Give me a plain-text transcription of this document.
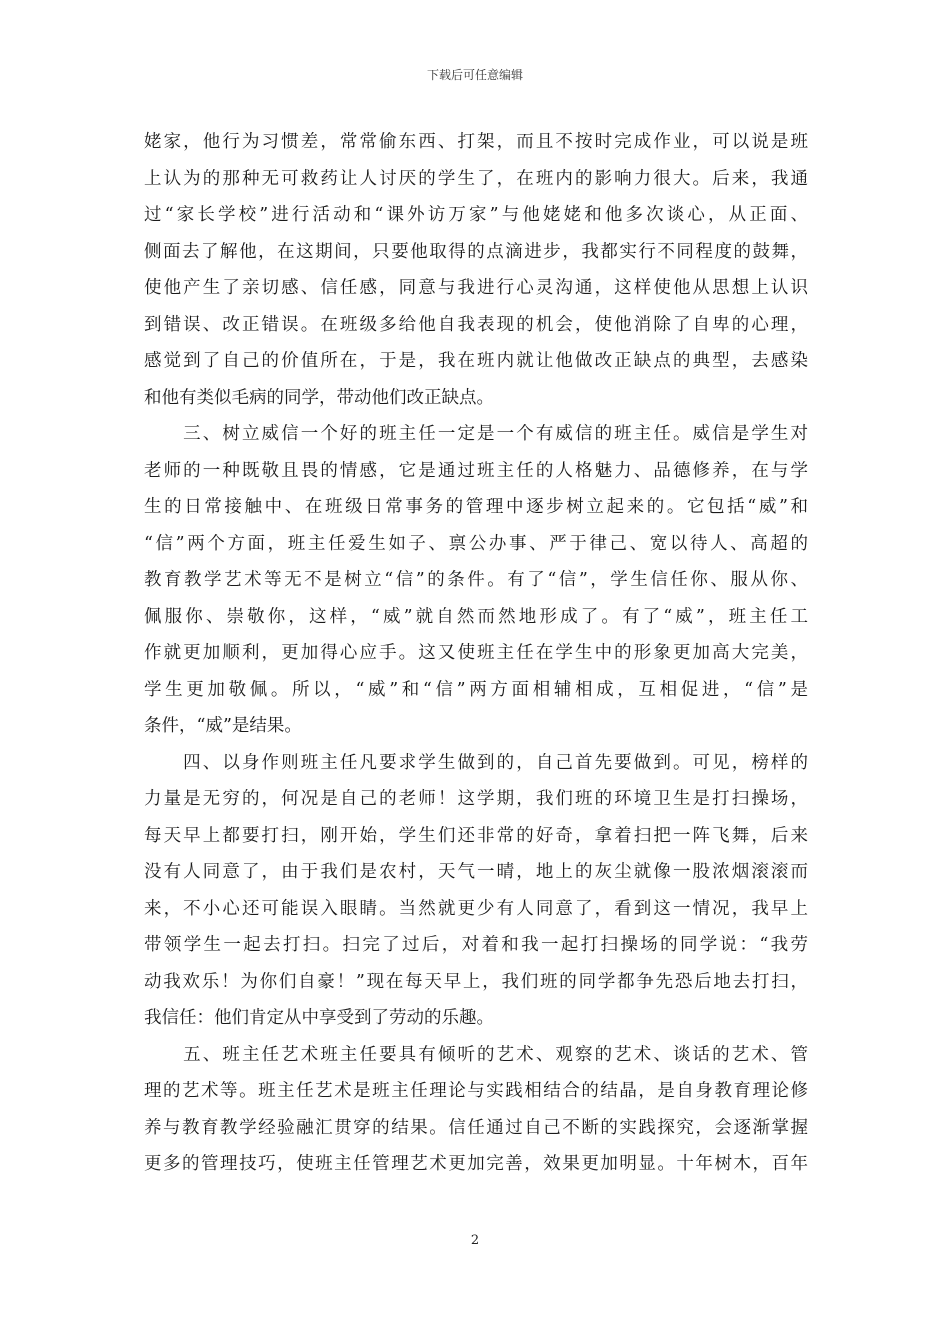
下载后可任意编辑
姥家，他行为习惯差，常常偷东西、打架，而且不按时完成作业，可以说是班
上认为的那种无可救药让人讨厌的学生了，在班内的影响力很大。后来，我通
过“家长学校”进行活动和“课外访万家”与他姥姥和他多次谈心，从正面、
侧面去了解他，在这期间，只要他取得的点滴进步，我都实行不同程度的鼓舞，
使他产生了亲切感、信任感，同意与我进行心灵沟通，这样使他从思想上认识
到错误、改正错误。在班级多给他自我表现的机会，使他消除了自卑的心理，
感觉到了自己的价值所在，于是，我在班内就让他做改正缺点的典型，去感染
和他有类似毛病的同学，带动他们改正缺点。
　　三、树立威信一个好的班主任一定是一个有威信的班主任。威信是学生对
老师的一种既敬且畏的情感，它是通过班主任的人格魅力、品德修养，在与学
生的日常接触中、在班级日常事务的管理中逐步树立起来的。它包括“威”和
“信”两个方面，班主任爱生如子、禀公办事、严于律己、宽以待人、高超的
教育教学艺术等无不是树立“信”的条件。有了“信”，学生信任你、服从你、
佩服你、崇敬你，这样，“威”就自然而然地形成了。有了“威”，班主任工
作就更加顺利，更加得心应手。这又使班主任在学生中的形象更加高大完美，
学生更加敬佩。所以，“威”和“信”两方面相辅相成，互相促进，“信”是
条件，“威”是结果。
　　四、以身作则班主任凡要求学生做到的，自己首先要做到。可见，榜样的
力量是无穷的，何况是自己的老师！这学期，我们班的环境卫生是打扫操场，
每天早上都要打扫，刚开始，学生们还非常的好奇，拿着扫把一阵飞舞，后来
没有人同意了，由于我们是农村，天气一晴，地上的灰尘就像一股浓烟滚滚而
来，不小心还可能误入眼睛。当然就更少有人同意了，看到这一情况，我早上
带领学生一起去打扫。扫完了过后，对着和我一起打扫操场的同学说：“我劳
动我欢乐！为你们自豪！”现在每天早上，我们班的同学都争先恐后地去打扫，
我信任：他们肯定从中享受到了劳动的乐趣。
　　五、班主任艺术班主任要具有倾听的艺术、观察的艺术、谈话的艺术、管
理的艺术等。班主任艺术是班主任理论与实践相结合的结晶，是自身教育理论修
养与教育教学经验融汇贯穿的结果。信任通过自己不断的实践探究，会逐渐掌握
更多的管理技巧，使班主任管理艺术更加完善，效果更加明显。十年树木，百年
2
